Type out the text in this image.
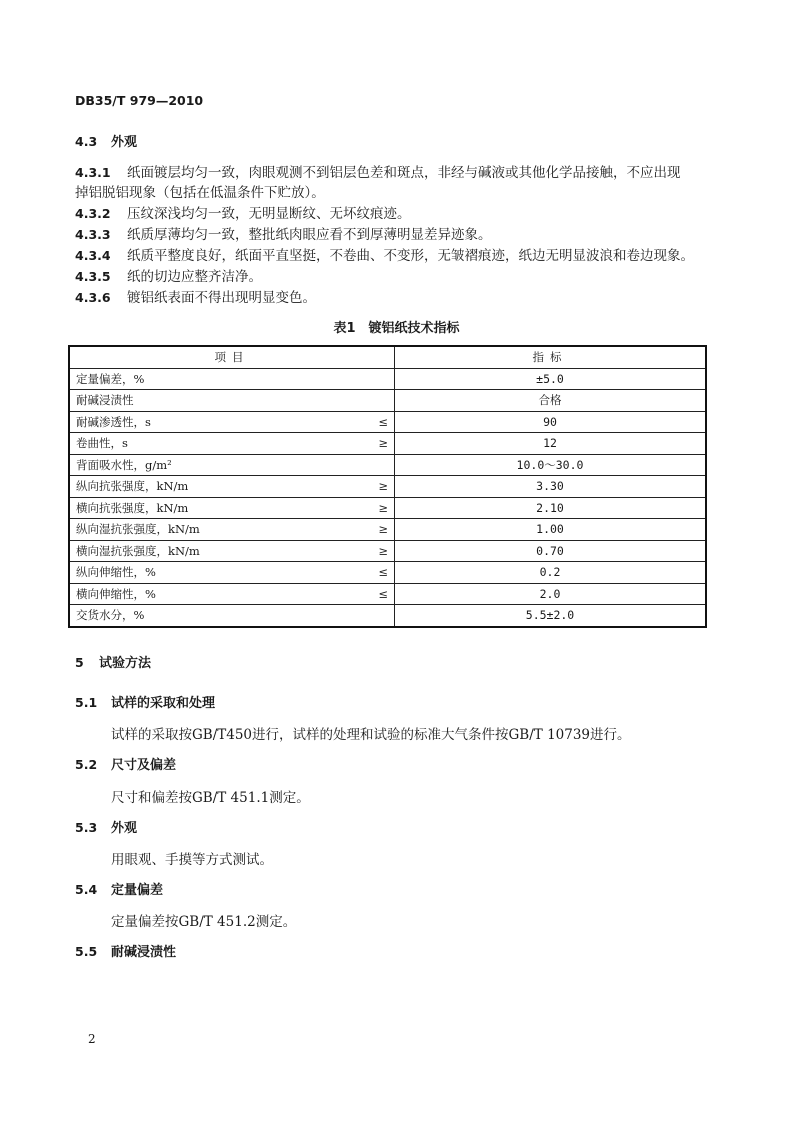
DB35/T 979—2010
4.3 外观
4.3.1 纸面镀层均匀一致，肉眼观测不到铝层色差和斑点，非经与碱液或其他化学品接触，不应出现
掉铝脱铝现象（包括在低温条件下贮放）。
4.3.2 压纹深浅均匀一致，无明显断纹、无坏纹痕迹。
4.3.3 纸质厚薄均匀一致，整批纸肉眼应看不到厚薄明显差异迹象。
4.3.4 纸质平整度良好，纸面平直坚挺，不卷曲、不变形，无皱褶痕迹，纸边无明显波浪和卷边现象。
4.3.5 纸的切边应整齐洁净。
4.3.6 镀铝纸表面不得出现明显变色。
表1　镀铝纸技术指标
项目		指标
定量偏差，%		±5.0
耐碱浸渍性		合格
耐碱渗透性，s	≤	90
卷曲性，s	≥	12
背面吸水性，g/m²		10.0～30.0
纵向抗张强度，kN/m	≥	3.30
横向抗张强度，kN/m	≥	2.10
纵向湿抗张强度，kN/m	≥	1.00
横向湿抗张强度，kN/m	≥	0.70
纵向伸缩性，%	≤	0.2
横向伸缩性，%	≤	2.0
交货水分，%		5.5±2.0
5 试验方法
5.1 试样的采取和处理
试样的采取按GB/T450进行，试样的处理和试验的标准大气条件按GB/T 10739进行。
5.2 尺寸及偏差
尺寸和偏差按GB/T 451.1测定。
5.3 外观
用眼观、手摸等方式测试。
5.4 定量偏差
定量偏差按GB/T 451.2测定。
5.5 耐碱浸渍性
2
